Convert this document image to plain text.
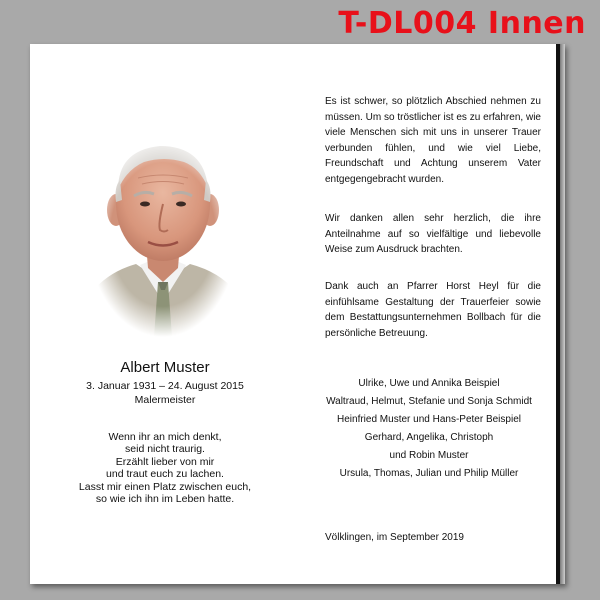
T-DL004 Innen
Albert Muster
3. Januar 1931 – 24. August 2015
Malermeister
Wenn ihr an mich denkt,
seid nicht traurig.
Erzählt lieber von mir
und traut euch zu lachen.
Lasst mir einen Platz zwischen euch,
so wie ich ihn im Leben hatte.
Es ist schwer, so plötzlich Abschied nehmen zu müssen. Um so tröstlicher ist es zu erfahren, wie viele Menschen sich mit uns in unserer Trauer verbunden fühlen, und wie viel Liebe, Freundschaft und Achtung unserem Vater entgegengebracht wurden.
Wir danken allen sehr herzlich, die ihre Anteilnahme auf so vielfältige und liebevolle Weise zum Ausdruck brachten.
Dank auch an Pfarrer Horst Heyl für die einfühlsame Gestaltung der Trauerfeier sowie dem Bestattungsunternehmen Bollbach für die persönliche Betreuung.
Ulrike, Uwe und Annika Beispiel
Waltraud, Helmut, Stefanie und Sonja Schmidt
Heinfried Muster und Hans-Peter Beispiel
Gerhard, Angelika, Christoph
und Robin Muster
Ursula, Thomas, Julian und Philip Müller
Völklingen, im September 2019
